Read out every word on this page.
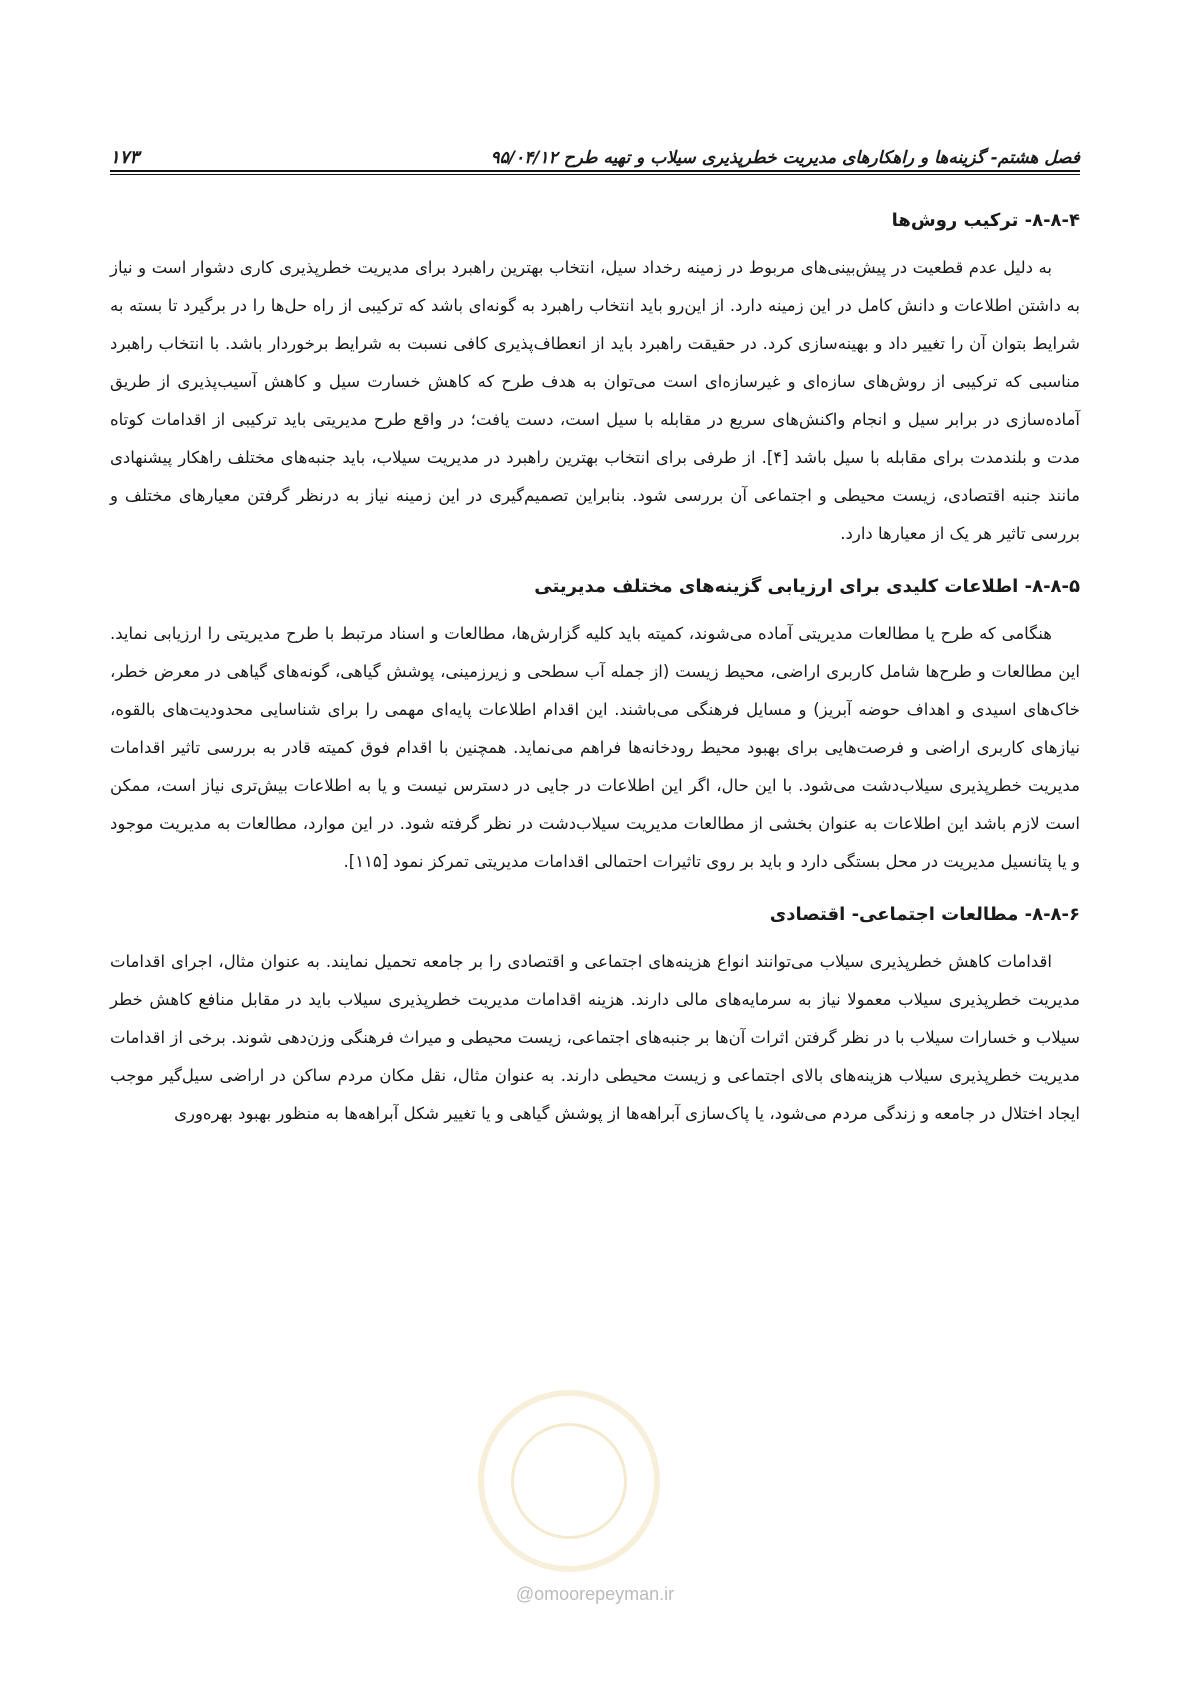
فصل هشتم- گزینه‌ها و راهکارهای مدیریت خطرپذیری سیلاب و تهیه طرح ۹۵/۰۴/۱۲
۱۷۳
۸-۸-۴- ترکیب روش‌ها

به دلیل عدم قطعیت در پیش‌بینی‌های مربوط در زمینه رخداد سیل، انتخاب بهترین راهبرد برای مدیریت خطرپذیری کاری دشوار است و نیاز به داشتن اطلاعات و دانش کامل در این زمینه دارد. از این‌رو باید انتخاب راهبرد به گونه‌ای باشد که ترکیبی از راه حل‌ها را در برگیرد تا بسته به شرایط بتوان آن را تغییر داد و بهینه‌سازی کرد. در حقیقت راهبرد باید از انعطاف‌پذیری کافی نسبت به شرایط برخوردار باشد. با انتخاب راهبرد مناسبی که ترکیبی از روش‌های سازه‌ای و غیرسازه‌ای است می‌توان به هدف طرح که کاهش خسارت سیل و کاهش آسیب‌پذیری از طریق آماده‌سازی در برابر سیل و انجام واکنش‌های سریع در مقابله با سیل است، دست یافت؛ در واقع طرح مدیریتی باید ترکیبی از اقدامات کوتاه مدت و بلندمدت برای مقابله با سیل باشد [۴]. از طرفی برای انتخاب بهترین راهبرد در مدیریت سیلاب، باید جنبه‌های مختلف راهکار پیشنهادی مانند جنبه اقتصادی، زیست محیطی و اجتماعی آن بررسی شود. بنابراین تصمیم‌گیری در این زمینه نیاز به درنظر گرفتن معیارهای مختلف و بررسی تاثیر هر یک از معیارها دارد.

۸-۸-۵- اطلاعات کلیدی برای ارزیابی گزینه‌های مختلف مدیریتی

هنگامی که طرح یا مطالعات مدیریتی آماده می‌شوند، کمیته باید کلیه گزارش‌ها، مطالعات و اسناد مرتبط با طرح مدیریتی را ارزیابی نماید. این مطالعات و طرح‌ها شامل کاربری اراضی، محیط زیست (از جمله آب سطحی و زیرزمینی، پوشش گیاهی، گونه‌های گیاهی در معرض خطر، خاک‌های اسیدی و اهداف حوضه آبریز) و مسایل فرهنگی می‌باشند. این اقدام اطلاعات پایه‌ای مهمی را برای شناسایی محدودیت‌های بالقوه، نیازهای کاربری اراضی و فرصت‌هایی برای بهبود محیط رودخانه‌ها فراهم می‌نماید. همچنین با اقدام فوق کمیته قادر به بررسی تاثیر اقدامات مدیریت خطرپذیری سیلاب‌دشت می‌شود. با این حال، اگر این اطلاعات در جایی در دسترس نیست و یا به اطلاعات بیش‌تری نیاز است، ممکن است لازم باشد این اطلاعات به عنوان بخشی از مطالعات مدیریت سیلاب‌دشت در نظر گرفته شود. در این موارد، مطالعات به مدیریت موجود و یا پتانسیل مدیریت در محل بستگی دارد و باید بر روی تاثیرات احتمالی اقدامات مدیریتی تمرکز نمود [۱۱۵].

۸-۸-۶- مطالعات اجتماعی- اقتصادی

اقدامات کاهش خطرپذیری سیلاب می‌توانند انواع هزینه‌های اجتماعی و اقتصادی را بر جامعه تحمیل نمایند. به عنوان مثال، اجرای اقدامات مدیریت خطرپذیری سیلاب معمولا نیاز به سرمایه‌های مالی دارند. هزینه اقدامات مدیریت خطرپذیری سیلاب باید در مقابل منافع کاهش خطر سیلاب و خسارات سیلاب با در نظر گرفتن اثرات آن‌ها بر جنبه‌های اجتماعی، زیست محیطی و میراث فرهنگی وزن‌دهی شوند. برخی از اقدامات مدیریت خطرپذیری سیلاب هزینه‌های بالای اجتماعی و زیست محیطی دارند. به عنوان مثال، نقل مکان مردم ساکن در اراضی سیل‌گیر موجب ایجاد اختلال در جامعه و زندگی مردم می‌شود، یا پاک‌سازی آبراهه‌ها از پوشش گیاهی و یا تغییر شکل آبراهه‌ها به منظور بهبود بهره‌وری

@omoorepeyman.ir
